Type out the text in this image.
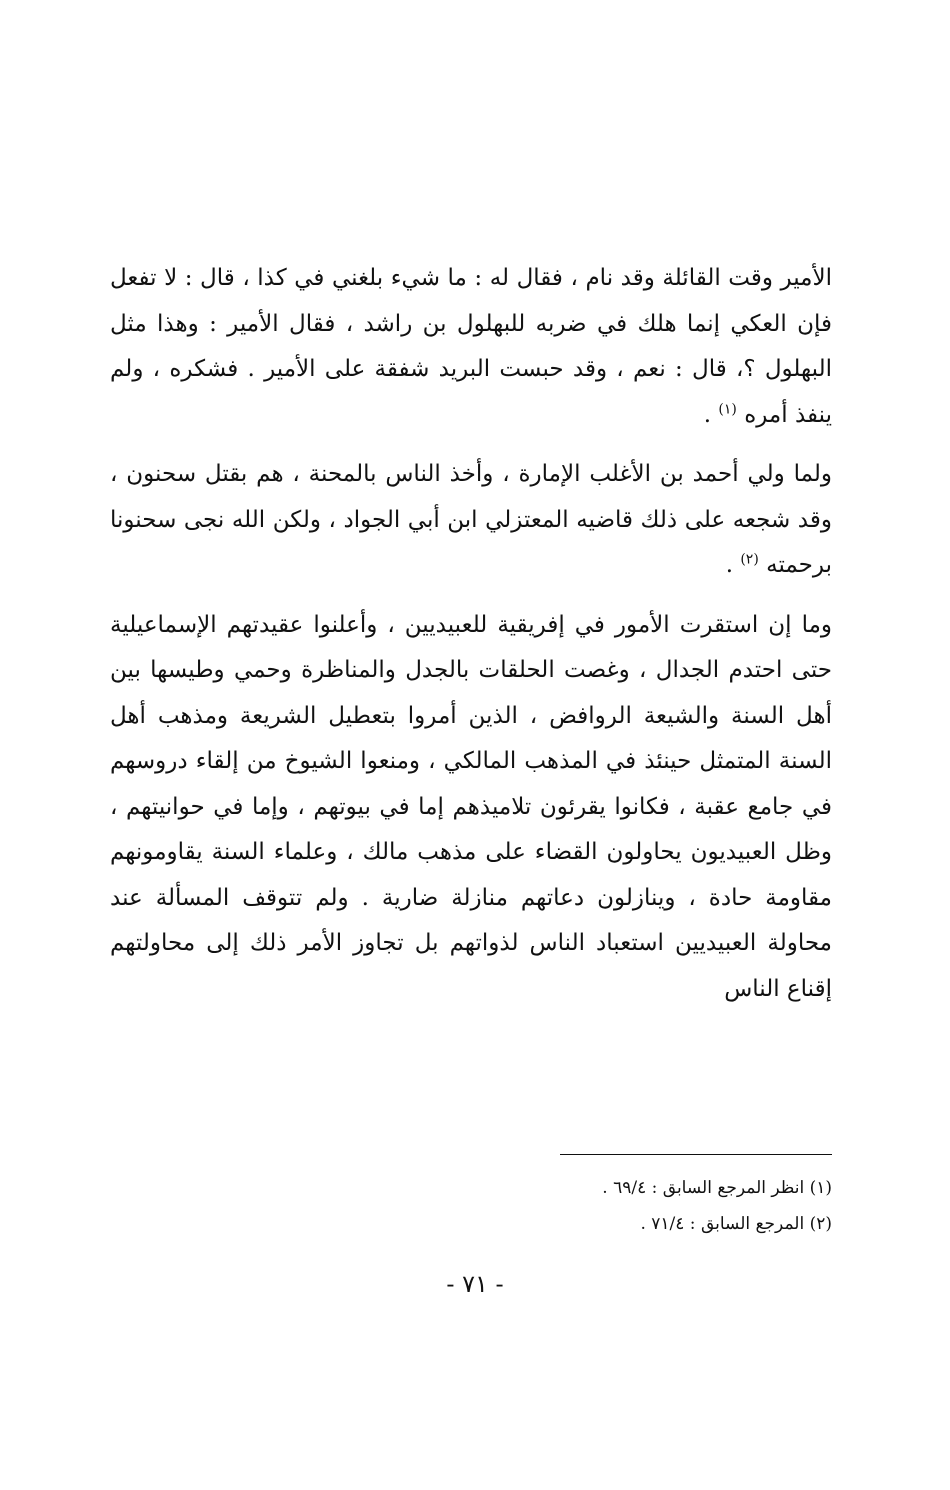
الأمير وقت القائلة وقد نام ، فقال له : ما شيء بلغني في كذا ، قال : لا تفعل فإن العكي إنما هلك في ضربه للبهلول بن راشد ، فقال الأمير : وهذا مثل البهلول ؟، قال : نعم ، وقد حبست البريد شفقة على الأمير . فشكره ، ولم ينفذ أمره $^{(١)}$ .

ولما ولي أحمد بن الأغلب الإمارة ، وأخذ الناس بالمحنة ، هم بقتل سحنون ، وقد شجعه على ذلك قاضيه المعتزلي ابن أبي الجواد ، ولكن الله نجى سحنونا برحمته $^{(٢)}$ .

وما إن استقرت الأمور في إفريقية للعبيديين ، وأعلنوا عقيدتهم الإسماعيلية حتى احتدم الجدال ، وغصت الحلقات بالجدل والمناظرة وحمي وطيسها بين أهل السنة والشيعة الروافض ، الذين أمروا بتعطيل الشريعة ومذهب أهل السنة المتمثل حينئذ في المذهب المالكي ، ومنعوا الشيوخ من إلقاء دروسهم في جامع عقبة ، فكانوا يقرئون تلاميذهم إما في بيوتهم ، وإما في حوانيتهم ، وظل العبيديون يحاولون القضاء على مذهب مالك ، وعلماء السنة يقاومونهم مقاومة حادة ، وينازلون دعاتهم منازلة ضارية . ولم تتوقف المسألة عند محاولة العبيديين استعباد الناس لذواتهم بل تجاوز الأمر ذلك إلى محاولتهم إقناع الناس

(١) انظر المرجع السابق : ٦٩/٤ .

(٢) المرجع السابق : ٧١/٤ .

- ٧١ -
